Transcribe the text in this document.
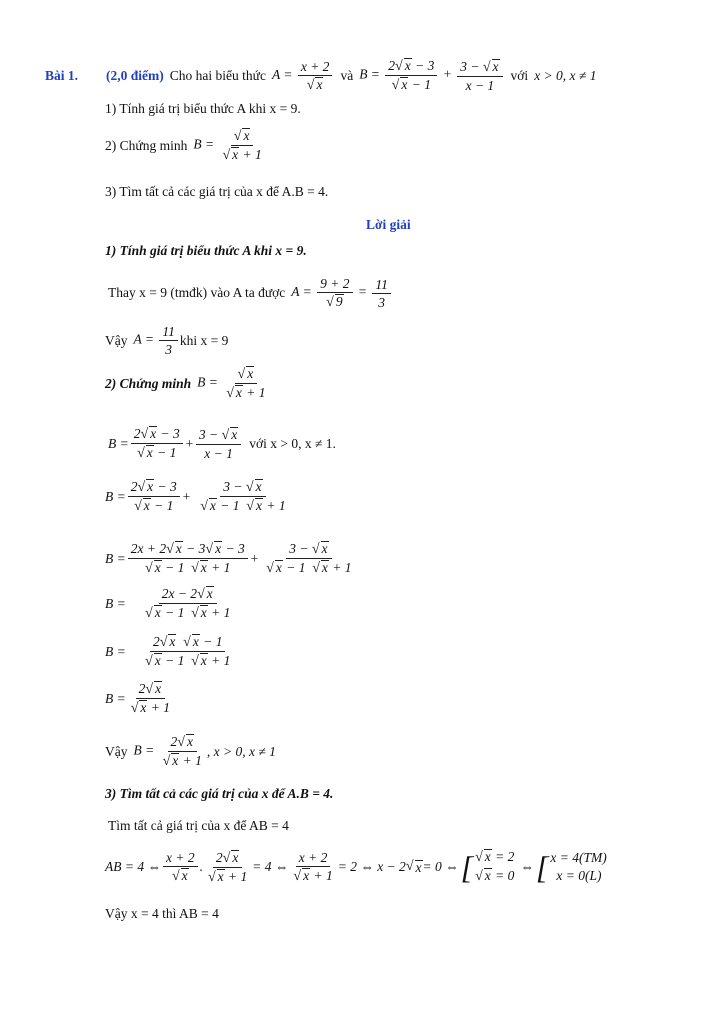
Bài 1. (2,0 điểm) Cho hai biểu thức $A = \frac{x + 2}{√ x}$ và $B = \frac{2√ x - 3}{√ x - 1} + \frac{3 - √ x}{x - 1}$ với x > 0, x ≠ 1
1) Tính giá trị biểu thức A khi x = 9.
2) Chứng minh $B = \frac{√ x}{√ x + 1}$
3) Tìm tất cả các giá trị của x để A.B = 4.
Lời giải
1) Tính giá trị biểu thức A khi x = 9.
Thay x = 9 (tmđk) vào A ta được $A = \frac{9 + 2}{√ 9} = \frac{11}{3}$
Vậy $A = \frac{11}{3}$ khi x = 9
2) Chứng minh $B = \frac{√ x}{√ x + 1}$
$B = \frac{2√ x - 3}{√ x - 1} + \frac{3 - √ x}{x - 1}$ với x > 0, x ≠ 1.
$B = \frac{2√ x - 3}{√ x - 1} + \frac{3 - √ x}{√ x - 1 √ x + 1}$
$B = \frac{2x + 2√ x - 3√ x - 3}{√ x - 1 √ x + 1} + \frac{3 - √ x}{√ x - 1 √ x + 1}$
$B = \frac{2x - 2√ x}{√ x - 1 √ x + 1}$
$B = \frac{2√ x √ x - 1}{√ x - 1 √ x + 1}$
$B = \frac{2√ x}{√ x + 1}$
Vậy $B = \frac{2√ x}{√ x + 1}$ , x > 0, x ≠ 1
3) Tìm tất cả các giá trị của x để A.B = 4.
Tìm tất cả giá trị của x để AB = 4
AB = 4 ⇔ $\frac{x + 2}{√ x}$ . $\frac{2√ x}{√ x + 1} = 4$ ⇔ $\frac{x + 2}{√ x + 1} = 2$ ⇔ x − 2 √ x = 0 ⇔ [ √ x = 2
√ x = 0
⇔ [ x = 4(TM)
x = 0(L)
Vậy x = 4 thì AB = 4
